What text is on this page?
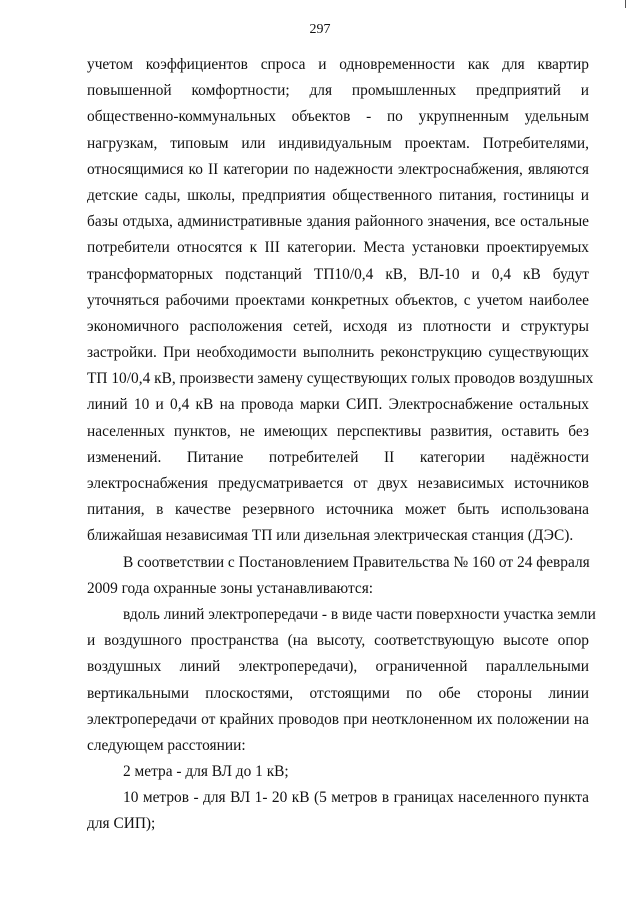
297
учетом коэффициентов спроса и одновременности как для квартир
повышенной комфортности; для промышленных предприятий и
общественно-коммунальных объектов - по укрупненным удельным
нагрузкам, типовым или индивидуальным проектам. Потребителями,
относящимися ко II категории по надежности электроснабжения, являются
детские сады, школы, предприятия общественного питания, гостиницы и
базы отдыха, административные здания районного значения, все остальные
потребители относятся к III категории. Места установки проектируемых
трансформаторных подстанций ТП10/0,4 кВ, ВЛ-10 и 0,4 кВ будут
уточняться рабочими проектами конкретных объектов, с учетом наиболее
экономичного расположения сетей, исходя из плотности и структуры
застройки. При необходимости выполнить реконструкцию существующих
ТП 10/0,4 кВ, произвести замену существующих голых проводов воздушных
линий 10 и 0,4 кВ на провода марки СИП. Электроснабжение остальных
населенных пунктов, не имеющих перспективы развития, оставить без
изменений. Питание потребителей II категории надёжности
электроснабжения предусматривается от двух независимых источников
питания, в качестве резервного источника может быть использована
ближайшая независимая ТП или дизельная электрическая станция (ДЭС).
В соответствии с Постановлением Правительства № 160 от 24 февраля
2009 года охранные зоны устанавливаются:
вдоль линий электропередачи - в виде части поверхности участка земли
и воздушного пространства (на высоту, соответствующую высоте опор
воздушных линий электропередачи), ограниченной параллельными
вертикальными плоскостями, отстоящими по обе стороны линии
электропередачи от крайних проводов при неотклоненном их положении на
следующем расстоянии:
2 метра - для ВЛ до 1 кВ;
10 метров - для ВЛ 1- 20 кВ (5 метров в границах населенного пункта
для СИП);
